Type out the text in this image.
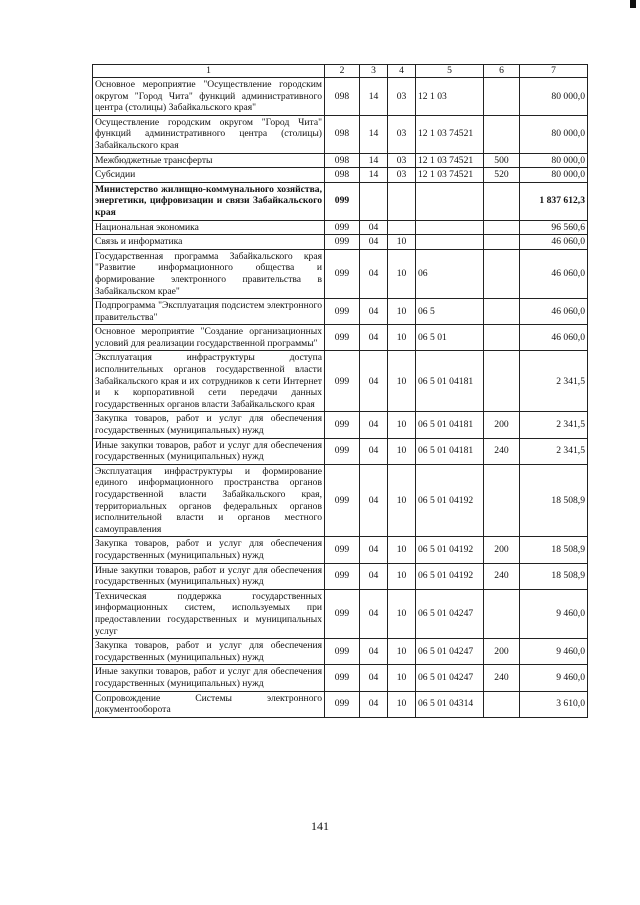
1	2	3	4	5	6	7
Основное мероприятие "Осуществление городским округом "Город Чита" функций административного центра (столицы) Забайкальского края"	098	14	03	12 1 03		80 000,0
Осуществление городским округом "Город Чита" функций административного центра (столицы) Забайкальского края	098	14	03	12 1 03 74521		80 000,0
Межбюджетные трансферты	098	14	03	12 1 03 74521	500	80 000,0
Субсидии	098	14	03	12 1 03 74521	520	80 000,0
Министерство жилищно-коммунального хозяйства, энергетики, цифровизации и связи Забайкальского края	099					1 837 612,3
Национальная экономика	099	04				96 560,6
Связь и информатика	099	04	10			46 060,0
Государственная программа Забайкальского края "Развитие информационного общества и формирование электронного правительства в Забайкальском крае"	099	04	10	06		46 060,0
Подпрограмма "Эксплуатация подсистем электронного правительства"	099	04	10	06 5		46 060,0
Основное мероприятие "Создание организационных условий для реализации государственной программы"	099	04	10	06 5 01		46 060,0
Эксплуатация инфраструктуры доступа исполнительных органов государственной власти Забайкальского края и их сотрудников к сети Интернет и к корпоративной сети передачи данных государственных органов власти Забайкальского края	099	04	10	06 5 01 04181		2 341,5
Закупка товаров, работ и услуг для обеспечения государственных (муниципальных) нужд	099	04	10	06 5 01 04181	200	2 341,5
Иные закупки товаров, работ и услуг для обеспечения государственных (муниципальных) нужд	099	04	10	06 5 01 04181	240	2 341,5
Эксплуатация инфраструктуры и формирование единого информационного пространства органов государственной власти Забайкальского края, территориальных органов федеральных органов исполнительной власти и органов местного самоуправления	099	04	10	06 5 01 04192		18 508,9
Закупка товаров, работ и услуг для обеспечения государственных (муниципальных) нужд	099	04	10	06 5 01 04192	200	18 508,9
Иные закупки товаров, работ и услуг для обеспечения государственных (муниципальных) нужд	099	04	10	06 5 01 04192	240	18 508,9
Техническая поддержка государственных информационных систем, используемых при предоставлении государственных и муниципальных услуг	099	04	10	06 5 01 04247		9 460,0
Закупка товаров, работ и услуг для обеспечения государственных (муниципальных) нужд	099	04	10	06 5 01 04247	200	9 460,0
Иные закупки товаров, работ и услуг для обеспечения государственных (муниципальных) нужд	099	04	10	06 5 01 04247	240	9 460,0
Сопровождение Системы электронного документооборота	099	04	10	06 5 01 04314		3 610,0
141
